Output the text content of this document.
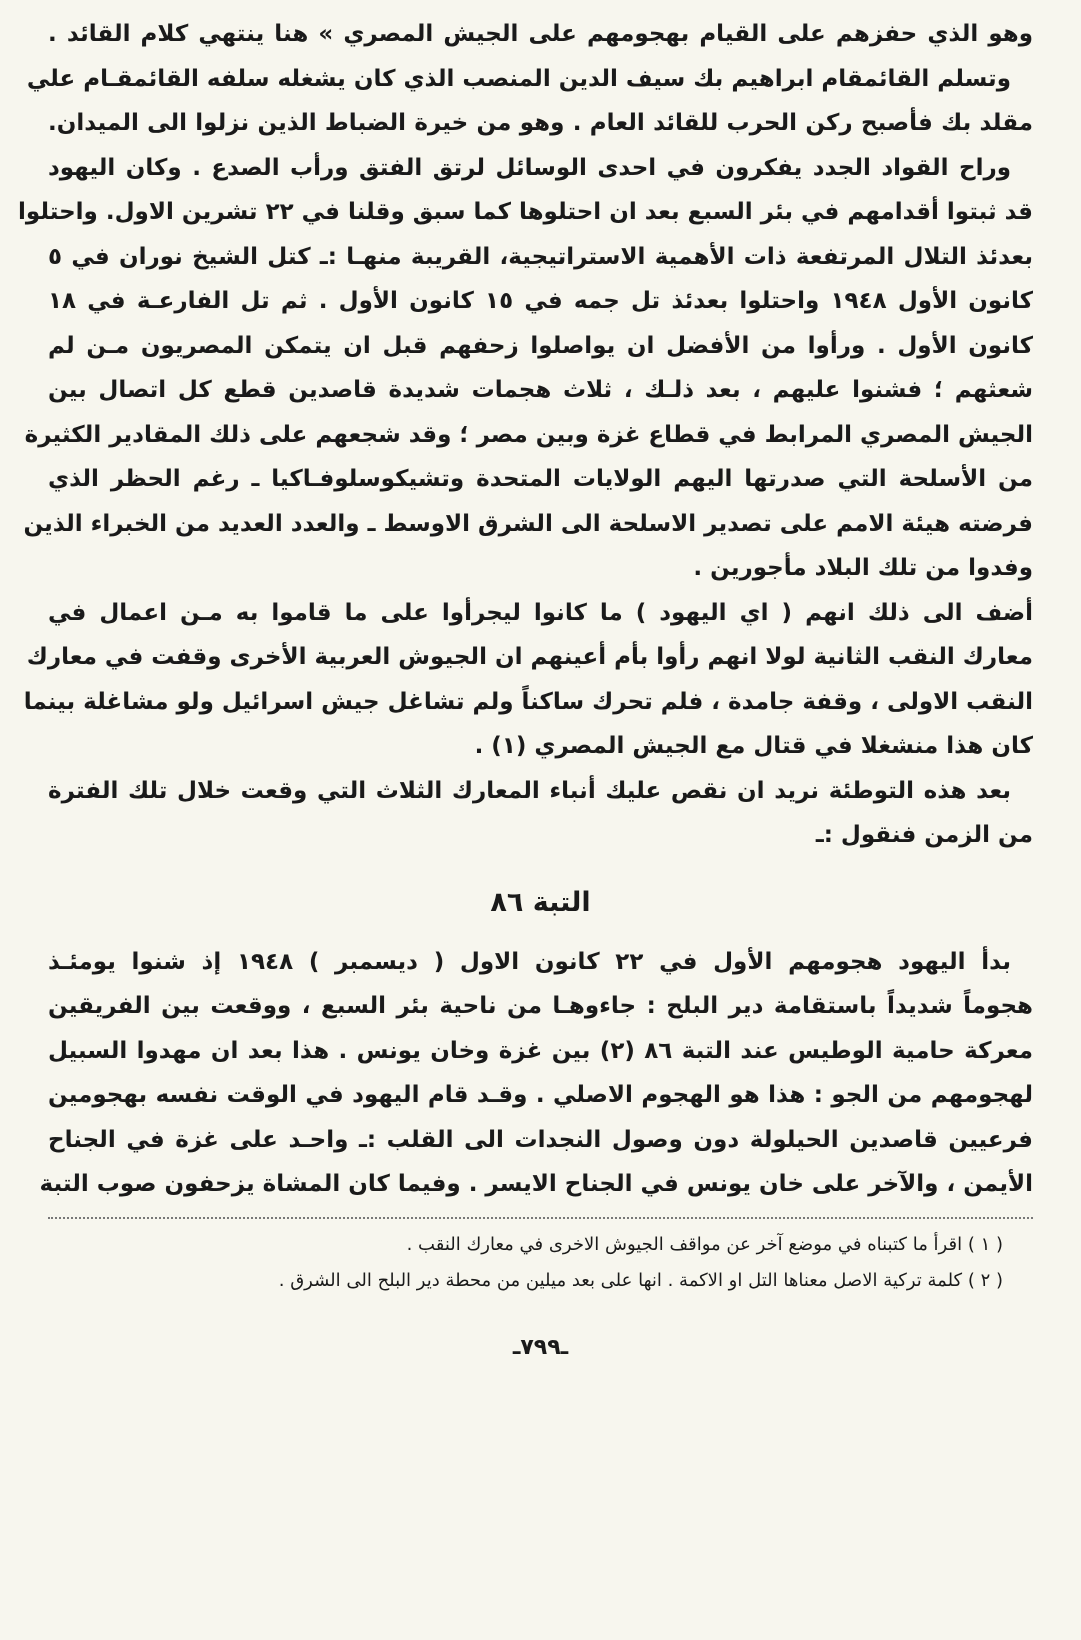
وهو الذي حفزهم على القيام بهجومهم على الجيش المصري » هنا ينتهي كلام القائد .
وتسلم القائمقام ابراهيم بك سيف الدين المنصب الذي كان يشغله سلفه القائمقـام علي
مقلد بك فأصبح ركن الحرب للقائد العام . وهو من خيرة الضباط الذين نزلوا الى الميدان.
وراح القواد الجدد يفكرون في احدى الوسائل لرتق الفتق ورأب الصدع . وكان اليهود
قد ثبتوا أقدامهم في بئر السبع بعد ان احتلوها كما سبق وقلنا في ٢٢ تشرين الاول. واحتلوا
بعدئذ التلال المرتفعة ذات الأهمية الاستراتيجية، القريبة منهـا :ـ كتل الشيخ نوران في ٥
كانون الأول ١٩٤٨ واحتلوا بعدئذ تل جمه في ١٥ كانون الأول . ثم تل الفارعـة في ١٨
كانون الأول . ورأوا من الأفضل ان يواصلوا زحفهم قبل ان يتمكن المصريون مـن لم
شعثهم ؛ فشنوا عليهم ، بعد ذلـك ، ثلاث هجمات شديدة قاصدين قطع كل اتصال بين
الجيش المصري المرابط في قطاع غزة وبين مصر ؛ وقد شجعهم على ذلك المقادير الكثيرة
من الأسلحة التي صدرتها اليهم الولايات المتحدة وتشيكوسلوفـاكيا ـ رغم الحظر الذي
فرضته هيئة الامم على تصدير الاسلحة الى الشرق الاوسط ـ والعدد العديد من الخبراء الذين
وفدوا من تلك البلاد مأجورين .
أضف الى ذلك انهم ( اي اليهود ) ما كانوا ليجرأوا على ما قاموا به مـن اعمال في
معارك النقب الثانية لولا انهم رأوا بأم أعينهم ان الجيوش العربية الأخرى وقفت في معارك
النقب الاولى ، وقفة جامدة ، فلم تحرك ساكناً ولم تشاغل جيش اسرائيل ولو مشاغلة بينما
كان هذا منشغلا في قتال مع الجيش المصري (١) .
بعد هذه التوطئة نريد ان نقص عليك أنباء المعارك الثلاث التي وقعت خلال تلك الفترة
من الزمن فنقول :ـ
التبة ٨٦
بدأ اليهود هجومهم الأول في ٢٢ كانون الاول ( ديسمبر ) ١٩٤٨ إذ شنوا يومئـذ
هجوماً شديداً باستقامة دير البلح : جاءوهـا من ناحية بئر السبع ، ووقعت بين الفريقين
معركة حامية الوطيس عند التبة ٨٦ (٢) بين غزة وخان يونس . هذا بعد ان مهدوا السبيل
لهجومهم من الجو : هذا هو الهجوم الاصلي . وقـد قام اليهود في الوقت نفسه بهجومين
فرعيين قاصدين الحيلولة دون وصول النجدات الى القلب :ـ واحـد على غزة في الجناح
الأيمن ، والآخر على خان يونس في الجناح الايسر . وفيما كان المشاة يزحفون صوب التبة
( ١ ) اقرأ ما كتبناه في موضع آخر عن مواقف الجيوش الاخرى في معارك النقب .
( ٢ ) كلمة تركية الاصل معناها التل او الاكمة . انها على بعد ميلين من محطة دير البلح الى الشرق .
ـ٧٩٩ـ
